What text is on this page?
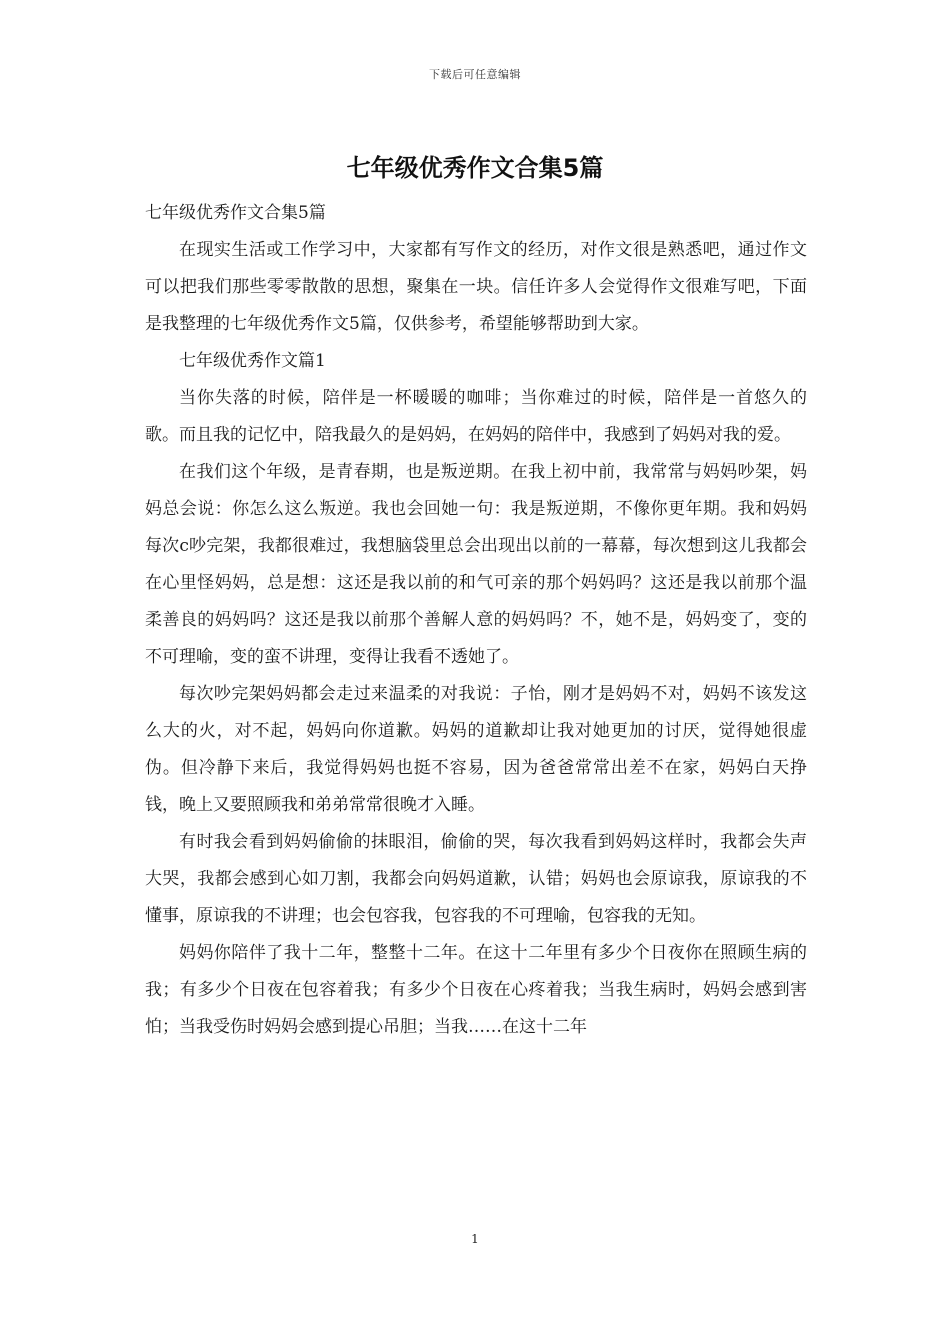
下载后可任意编辑
七年级优秀作文合集5篇

七年级优秀作文合集5篇

在现实生活或工作学习中，大家都有写作文的经历，对作文很是熟悉吧，通过作文可以把我们那些零零散散的思想，聚集在一块。信任许多人会觉得作文很难写吧，下面是我整理的七年级优秀作文5篇，仅供参考，希望能够帮助到大家。

七年级优秀作文篇1

当你失落的时候，陪伴是一杯暖暖的咖啡；当你难过的时候，陪伴是一首悠久的歌。而且我的记忆中，陪我最久的是妈妈，在妈妈的陪伴中，我感到了妈妈对我的爱。

在我们这个年级，是青春期，也是叛逆期。在我上初中前，我常常与妈妈吵架，妈妈总会说：你怎么这么叛逆。我也会回她一句：我是叛逆期，不像你更年期。我和妈妈每次c吵完架，我都很难过，我想脑袋里总会出现出以前的一幕幕，每次想到这儿我都会在心里怪妈妈，总是想：这还是我以前的和气可亲的那个妈妈吗？这还是我以前那个温柔善良的妈妈吗？这还是我以前那个善解人意的妈妈吗？不，她不是，妈妈变了，变的不可理喻，变的蛮不讲理，变得让我看不透她了。

每次吵完架妈妈都会走过来温柔的对我说：子怡，刚才是妈妈不对，妈妈不该发这么大的火，对不起，妈妈向你道歉。妈妈的道歉却让我对她更加的讨厌，觉得她很虚伪。但冷静下来后，我觉得妈妈也挺不容易，因为爸爸常常出差不在家，妈妈白天挣钱，晚上又要照顾我和弟弟常常很晚才入睡。

有时我会看到妈妈偷偷的抹眼泪，偷偷的哭，每次我看到妈妈这样时，我都会失声大哭，我都会感到心如刀割，我都会向妈妈道歉，认错；妈妈也会原谅我，原谅我的不懂事，原谅我的不讲理；也会包容我，包容我的不可理喻，包容我的无知。

妈妈你陪伴了我十二年，整整十二年。在这十二年里有多少个日夜你在照顾生病的我；有多少个日夜在包容着我；有多少个日夜在心疼着我；当我生病时，妈妈会感到害怕；当我受伤时妈妈会感到提心吊胆；当我……在这十二年

1
